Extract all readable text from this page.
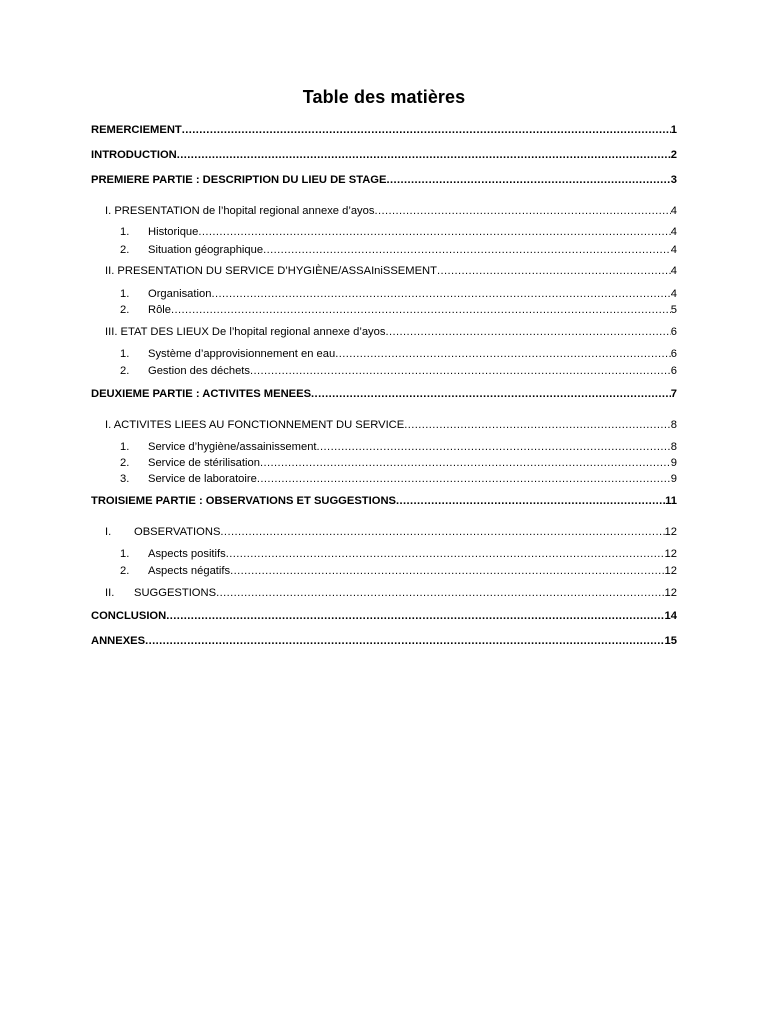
Table des matières
REMERCIEMENT .....	1
INTRODUCTION .....	2
PREMIERE PARTIE : DESCRIPTION DU LIEU DE STAGE .....	3
I. PRESENTATION de l’hopital regional annexe d’ayos .....	4
1.	Historique .....	4
2.	Situation géographique .....	4
II. PRESENTATION DU SERVICE D’HYGIÈNE/ASSAIniSSEMENT .....	4
1.	Organisation .....	4
2.	Rôle .....	5
III. ETAT DES LIEUX De l’hopital regional annexe d’ayos .....	6
1.	Système d’approvisionnement en eau .....	6
2.	Gestion des déchets .....	6
DEUXIEME PARTIE : ACTIVITES MENEES .....	7
I. ACTIVITES LIEES AU FONCTIONNEMENT DU SERVICE .....	8
1.	Service d’hygiène/assainissement .....	8
2.	Service de stérilisation .....	9
3.	Service de laboratoire .....	9
TROISIEME PARTIE : OBSERVATIONS ET SUGGESTIONS .....	11
I.	OBSERVATIONS .....	12
1.	Aspects positifs .....	12
2.	Aspects négatifs .....	12
II.	SUGGESTIONS .....	12
CONCLUSION .....	14
ANNEXES .....	15
